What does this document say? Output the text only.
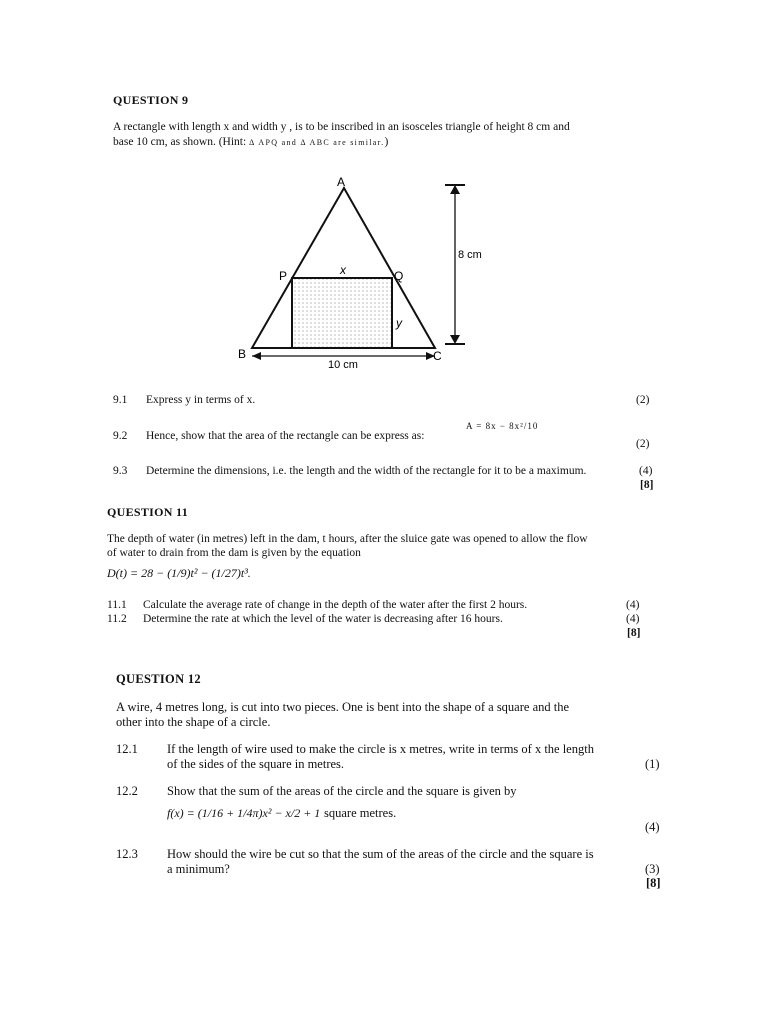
QUESTION 9
A rectangle with length x and width y , is to be inscribed in an isosceles triangle of height 8 cm and
base 10 cm, as shown. (Hint: Δ APQ and Δ ABC are similar.)
A
B	C
P	Q
x
y
8 cm
10 cm
9.1 Express y in terms of x.	(2)
9.2 Hence, show that the area of the rectangle can be express as:
A = 8x − 8x²/10
(2)
9.3 Determine the dimensions, i.e. the length and the width of the rectangle for it to be a maximum.	(4)
[8]
QUESTION 11
The depth of water (in metres) left in the dam, t hours, after the sluice gate was opened to allow the flow
of water to drain from the dam is given by the equation
D(t) = 28 − (1/9)t² − (1/27)t³.
11.1 Calculate the average rate of change in the depth of the water after the first 2 hours.	(4)
11.2 Determine the rate at which the level of the water is decreasing after 16 hours.	(4)
[8]
QUESTION 12
A wire, 4 metres long, is cut into two pieces. One is bent into the shape of a square and the
other into the shape of a circle.
12.1 If the length of wire used to make the circle is x metres, write in terms of x the length
of the sides of the square in metres.	(1)
12.2 Show that the sum of the areas of the circle and the square is given by
f(x) = (1/16 + 1/4π)x² − x/2 + 1 square metres.
(4)
12.3 How should the wire be cut so that the sum of the areas of the circle and the square is
a minimum?	(3)
[8]
